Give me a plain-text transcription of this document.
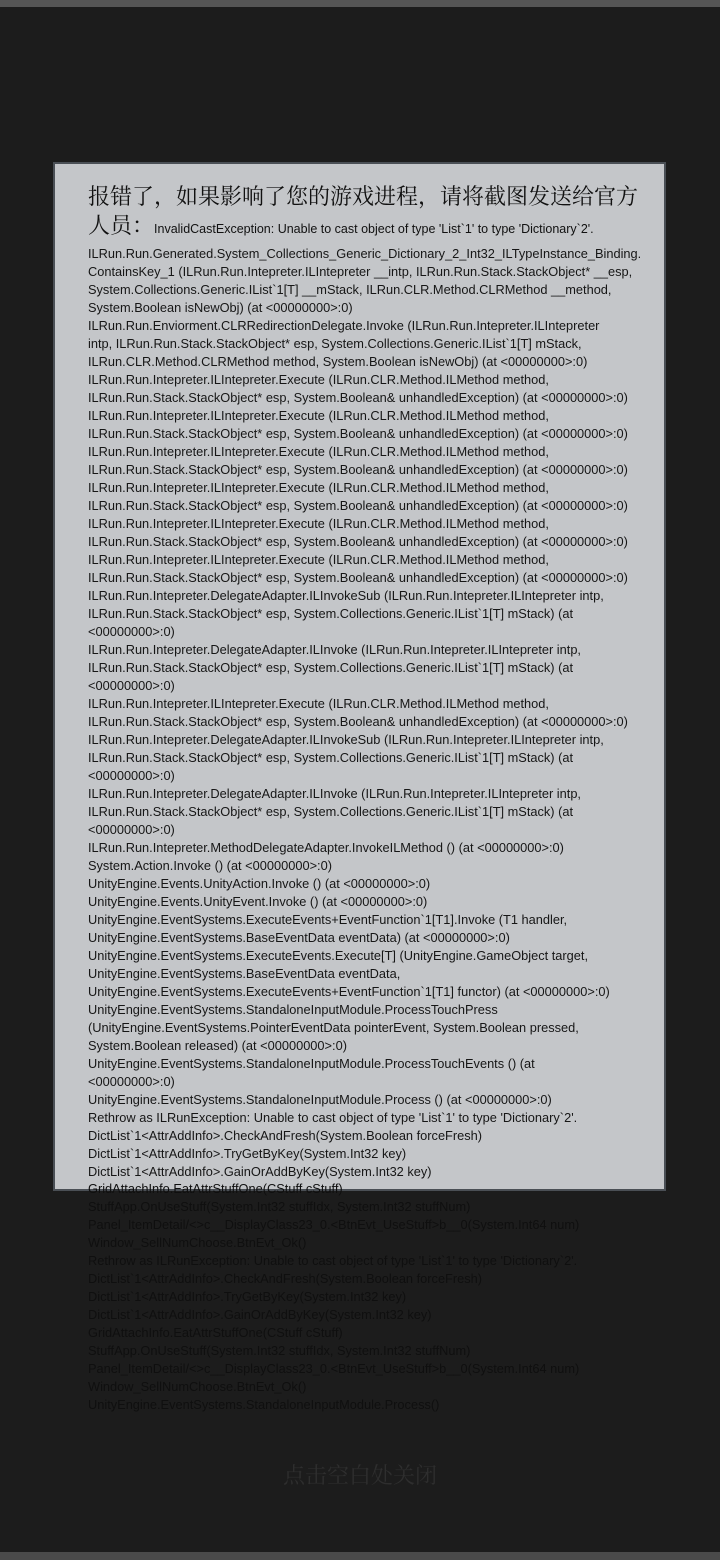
报错了，如果影响了您的游戏进程，请将截图发送给官方人员：InvalidCastException: Unable to cast object of type 'List`1' to type 'Dictionary`2'.
ILRun.Run.Generated.System_Collections_Generic_Dictionary_2_Int32_ILTypeInstance_Binding.
ContainsKey_1 (ILRun.Run.Intepreter.ILIntepreter __intp, ILRun.Run.Stack.StackObject* __esp,
System.Collections.Generic.IList`1[T] __mStack, ILRun.CLR.Method.CLRMethod __method,
System.Boolean isNewObj) (at <00000000>:0)
ILRun.Run.Enviorment.CLRRedirectionDelegate.Invoke (ILRun.Run.Intepreter.ILIntepreter
intp, ILRun.Run.Stack.StackObject* esp, System.Collections.Generic.IList`1[T] mStack,
ILRun.CLR.Method.CLRMethod method, System.Boolean isNewObj) (at <00000000>:0)
ILRun.Run.Intepreter.ILIntepreter.Execute (ILRun.CLR.Method.ILMethod method,
ILRun.Run.Stack.StackObject* esp, System.Boolean& unhandledException) (at <00000000>:0)
ILRun.Run.Intepreter.ILIntepreter.Execute (ILRun.CLR.Method.ILMethod method,
ILRun.Run.Stack.StackObject* esp, System.Boolean& unhandledException) (at <00000000>:0)
ILRun.Run.Intepreter.ILIntepreter.Execute (ILRun.CLR.Method.ILMethod method,
ILRun.Run.Stack.StackObject* esp, System.Boolean& unhandledException) (at <00000000>:0)
ILRun.Run.Intepreter.ILIntepreter.Execute (ILRun.CLR.Method.ILMethod method,
ILRun.Run.Stack.StackObject* esp, System.Boolean& unhandledException) (at <00000000>:0)
ILRun.Run.Intepreter.ILIntepreter.Execute (ILRun.CLR.Method.ILMethod method,
ILRun.Run.Stack.StackObject* esp, System.Boolean& unhandledException) (at <00000000>:0)
ILRun.Run.Intepreter.ILIntepreter.Execute (ILRun.CLR.Method.ILMethod method,
ILRun.Run.Stack.StackObject* esp, System.Boolean& unhandledException) (at <00000000>:0)
ILRun.Run.Intepreter.DelegateAdapter.ILInvokeSub (ILRun.Run.Intepreter.ILIntepreter intp,
ILRun.Run.Stack.StackObject* esp, System.Collections.Generic.IList`1[T] mStack) (at
<00000000>:0)
ILRun.Run.Intepreter.DelegateAdapter.ILInvoke (ILRun.Run.Intepreter.ILIntepreter intp,
ILRun.Run.Stack.StackObject* esp, System.Collections.Generic.IList`1[T] mStack) (at
<00000000>:0)
ILRun.Run.Intepreter.ILIntepreter.Execute (ILRun.CLR.Method.ILMethod method,
ILRun.Run.Stack.StackObject* esp, System.Boolean& unhandledException) (at <00000000>:0)
ILRun.Run.Intepreter.DelegateAdapter.ILInvokeSub (ILRun.Run.Intepreter.ILIntepreter intp,
ILRun.Run.Stack.StackObject* esp, System.Collections.Generic.IList`1[T] mStack) (at
<00000000>:0)
ILRun.Run.Intepreter.DelegateAdapter.ILInvoke (ILRun.Run.Intepreter.ILIntepreter intp,
ILRun.Run.Stack.StackObject* esp, System.Collections.Generic.IList`1[T] mStack) (at
<00000000>:0)
ILRun.Run.Intepreter.MethodDelegateAdapter.InvokeILMethod () (at <00000000>:0)
System.Action.Invoke () (at <00000000>:0)
UnityEngine.Events.UnityAction.Invoke () (at <00000000>:0)
UnityEngine.Events.UnityEvent.Invoke () (at <00000000>:0)
UnityEngine.EventSystems.ExecuteEvents+EventFunction`1[T1].Invoke (T1 handler,
UnityEngine.EventSystems.BaseEventData eventData) (at <00000000>:0)
UnityEngine.EventSystems.ExecuteEvents.Execute[T] (UnityEngine.GameObject target,
UnityEngine.EventSystems.BaseEventData eventData,
UnityEngine.EventSystems.ExecuteEvents+EventFunction`1[T1] functor) (at <00000000>:0)
UnityEngine.EventSystems.StandaloneInputModule.ProcessTouchPress
(UnityEngine.EventSystems.PointerEventData pointerEvent, System.Boolean pressed,
System.Boolean released) (at <00000000>:0)
UnityEngine.EventSystems.StandaloneInputModule.ProcessTouchEvents () (at
<00000000>:0)
UnityEngine.EventSystems.StandaloneInputModule.Process () (at <00000000>:0)
Rethrow as ILRunException: Unable to cast object of type 'List`1' to type 'Dictionary`2'.
DictList`1<AttrAddInfo>.CheckAndFresh(System.Boolean forceFresh)
DictList`1<AttrAddInfo>.TryGetByKey(System.Int32 key)
DictList`1<AttrAddInfo>.GainOrAddByKey(System.Int32 key)
GridAttachInfo.EatAttrStuffOne(CStuff cStuff)
StuffApp.OnUseStuff(System.Int32 stuffIdx, System.Int32 stuffNum)
Panel_ItemDetail/<>c__DisplayClass23_0.<BtnEvt_UseStuff>b__0(System.Int64 num)
Window_SellNumChoose.BtnEvt_Ok()
Rethrow as ILRunException: Unable to cast object of type 'List`1' to type 'Dictionary`2'.
DictList`1<AttrAddInfo>.CheckAndFresh(System.Boolean forceFresh)
DictList`1<AttrAddInfo>.TryGetByKey(System.Int32 key)
DictList`1<AttrAddInfo>.GainOrAddByKey(System.Int32 key)
GridAttachInfo.EatAttrStuffOne(CStuff cStuff)
StuffApp.OnUseStuff(System.Int32 stuffIdx, System.Int32 stuffNum)
Panel_ItemDetail/<>c__DisplayClass23_0.<BtnEvt_UseStuff>b__0(System.Int64 num)
Window_SellNumChoose.BtnEvt_Ok()
UnityEngine.EventSystems.StandaloneInputModule.Process()
点击空白处关闭
